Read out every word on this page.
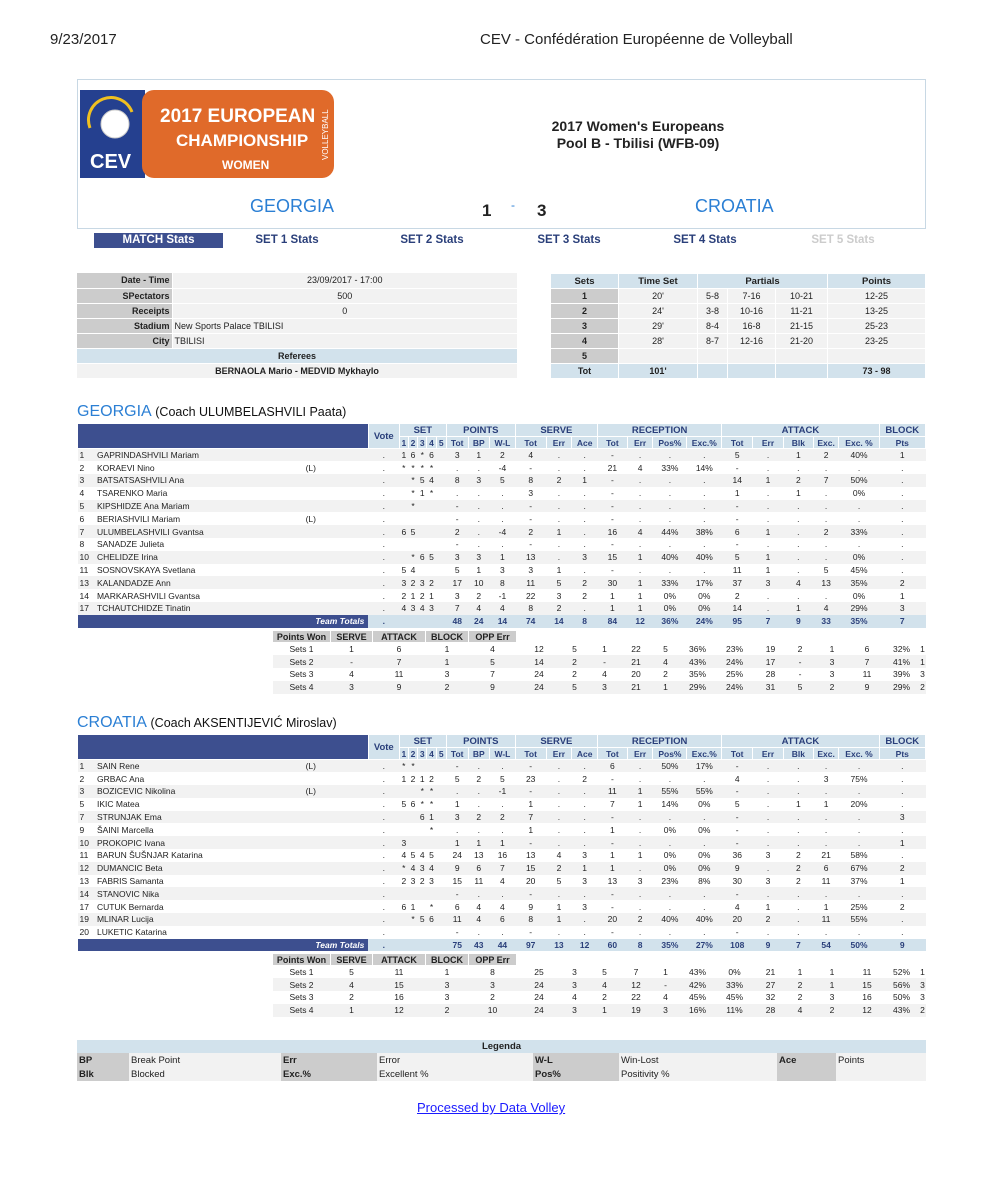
9/23/2017	CEV - Confédération Européenne de Volleyball
CEV
2017 EUROPEAN
CHAMPIONSHIP
WOMEN
VOLLEYBALL	2017 Women's Europeans
Pool B - Tbilisi (WFB-09)
GEORGIA	1 - 3	CROATIA
MATCH Stats	SET 1 Stats	SET 2 Stats	SET 3 Stats	SET 4 Stats	SET 5 Stats
Date - Time	23/09/2017 - 17:00
SPectators	500
Receipts	0
Stadium	New Sports Palace TBILISI
City	TBILISI
Referees	
BERNAOLA Mario - MEDVID Mykhaylo	
Sets	Time Set	Partials			Points
1	20'	5-8	7-16	10-21	12-25
2	24'	3-8	10-16	11-21	13-25
3	29'	8-4	16-8	21-15	25-23
4	28'	8-7	12-16	21-20	23-25
5					
Tot	101'				73 - 98
GEORGIA (Coach ULUMBELASHVILI Paata)
			Vote	SET					POINTS			SERVE			RECEPTION				ATTACK					BLOCK
				1	2	3	4	5	Tot	BP	W-L	Tot	Err	Ace	Tot	Err	Pos%	Exc.%	Tot	Err	Blk	Exc.	Exc. %	Pts
1	GAPRINDASHVILI Mariam		.	1	6	*	6		3	1	2	4	.	.	-	.	.	.	5	.	1	2	40%	1
2	KORAEVI Nino	(L)	.	*	*	*	*		.	.	-4	-	.	.	21	4	33%	14%	-	.	.	.	.	.
3	BATSATSASHVILI Ana		.		*	5	4		8	3	5	8	2	1	-	.	.	.	14	1	2	7	50%	.
4	TSARENKO Maria		.		*	1	*		.	.	.	3	.	.	-	.	.	.	1	.	1	.	0%	.
5	KIPSHIDZE Ana Mariam		.		*				-	.	.	-	.	.	-	.	.	.	-	.	.	.	.	.
6	BERIASHVILI Mariam	(L)	.						-	.	.	-	.	.	-	.	.	.	-	.	.	.	.	.
7	ULUMBELASHVILI Gvantsa		.	6	5				2	.	-4	2	1	.	16	4	44%	38%	6	1	.	2	33%	.
8	SANADZE Julieta		.						-	.	.	-	.	.	-	.	.	.	-	.	.	.	.	.
10	CHELIDZE Irina		.		*	6	5		3	3	1	13	.	3	15	1	40%	40%	5	1	.	.	0%	.
11	SOSNOVSKAYA Svetlana		.	5	4				5	1	3	3	1	.	-	.	.	.	11	1	.	5	45%	.
13	KALANDADZE Ann		.	3	2	3	2		17	10	8	11	5	2	30	1	33%	17%	37	3	4	13	35%	2
14	MARKARASHVILI Gvantsa		.	2	1	2	1		3	2	-1	22	3	2	1	1	0%	0%	2	.	.	.	0%	1
17	TCHAUTCHIDZE Tinatin		.	4	3	4	3		7	4	4	8	2	.	1	1	0%	0%	14	.	1	4	29%	3
Team Totals			.						48	24	14	74	14	8	84	12	36%	24%	95	7	9	33	35%	7
Points Won	SERVE	ATTACK	BLOCK	OPP Err													
Sets 1	1	6	1	4	12	5	1	22	5	36%	23%	19	2	1	6	32%	1
Sets 2	-	7	1	5	14	2	-	21	4	43%	24%	17	-	3	7	41%	1
Sets 3	4	11	3	7	24	2	4	20	2	35%	25%	28	-	3	11	39%	3
Sets 4	3	9	2	9	24	5	3	21	1	29%	24%	31	5	2	9	29%	2
CROATIA (Coach AKSENTIJEVIĆ Miroslav)
			Vote	SET					POINTS			SERVE			RECEPTION				ATTACK					BLOCK
				1	2	3	4	5	Tot	BP	W-L	Tot	Err	Ace	Tot	Err	Pos%	Exc.%	Tot	Err	Blk	Exc.	Exc. %	Pts
1	SAIN Rene	(L)	.	*	*				-	.	.	-	.	.	6	.	50%	17%	-	.	.	.	.	.
2	GRBAC Ana		.	1	2	1	2		5	2	5	23	.	2	-	.	.	.	4	.	.	3	75%	.
3	BOZICEVIC Nikolina	(L)	.			*	*		.	.	-1	-	.	.	11	1	55%	55%	-	.	.	.	.	.
5	IKIC Matea		.	5	6	*	*		1	.	.	1	.	.	7	1	14%	0%	5	.	1	1	20%	.
7	STRUNJAK Ema		.			6	1		3	2	2	7	.	.	-	.	.	.	-	.	.	.	.	3
9	ŠAINI Marcella		.				*		.	.	.	1	.	.	1	.	0%	0%	-	.	.	.	.	.
10	PROKOPIC Ivana		.	3					1	1	1	-	.	.	-	.	.	.	-	.	.	.	.	1
11	BARUN ŠUŠNJAR Katarina		.	4	5	4	5		24	13	16	13	4	3	1	1	0%	0%	36	3	2	21	58%	.
12	DUMANCIC Beta		.	*	4	3	4		9	6	7	15	2	1	1	.	0%	0%	9	.	2	6	67%	2
13	FABRIS Samanta		.	2	3	2	3		15	11	4	20	5	3	13	3	23%	8%	30	3	2	11	37%	1
14	STANOVIC Nika		.						-	.	.	-	.	.	-	.	.	.	-	.	.	.	.	.
17	CUTUK Bernarda		.	6	1		*		6	4	4	9	1	3	-	.	.	.	4	1	.	1	25%	2
19	MLINAR Lucija		.		*	5	6		11	4	6	8	1	.	20	2	40%	40%	20	2	.	11	55%	.
20	LUKETIC Katarina		.						-	.	.	-	.	.	-	.	.	.	-	.	.	.	.	.
Team Totals			.						75	43	44	97	13	12	60	8	35%	27%	108	9	7	54	50%	9
Points Won	SERVE	ATTACK	BLOCK	OPP Err													
Sets 1	5	11	1	8	25	3	5	7	1	43%	0%	21	1	1	11	52%	1
Sets 2	4	15	3	3	24	3	4	12	-	42%	33%	27	2	1	15	56%	3
Sets 3	2	16	3	2	24	4	2	22	4	45%	45%	32	2	3	16	50%	3
Sets 4	1	12	2	10	24	3	1	19	3	16%	11%	28	4	2	12	43%	2
Legenda							
BP	Break Point	Err	Error	W-L	Win-Lost	Ace	Points
Blk	Blocked	Exc.%	Excellent %	Pos%	Positivity %		
Processed by Data Volley
